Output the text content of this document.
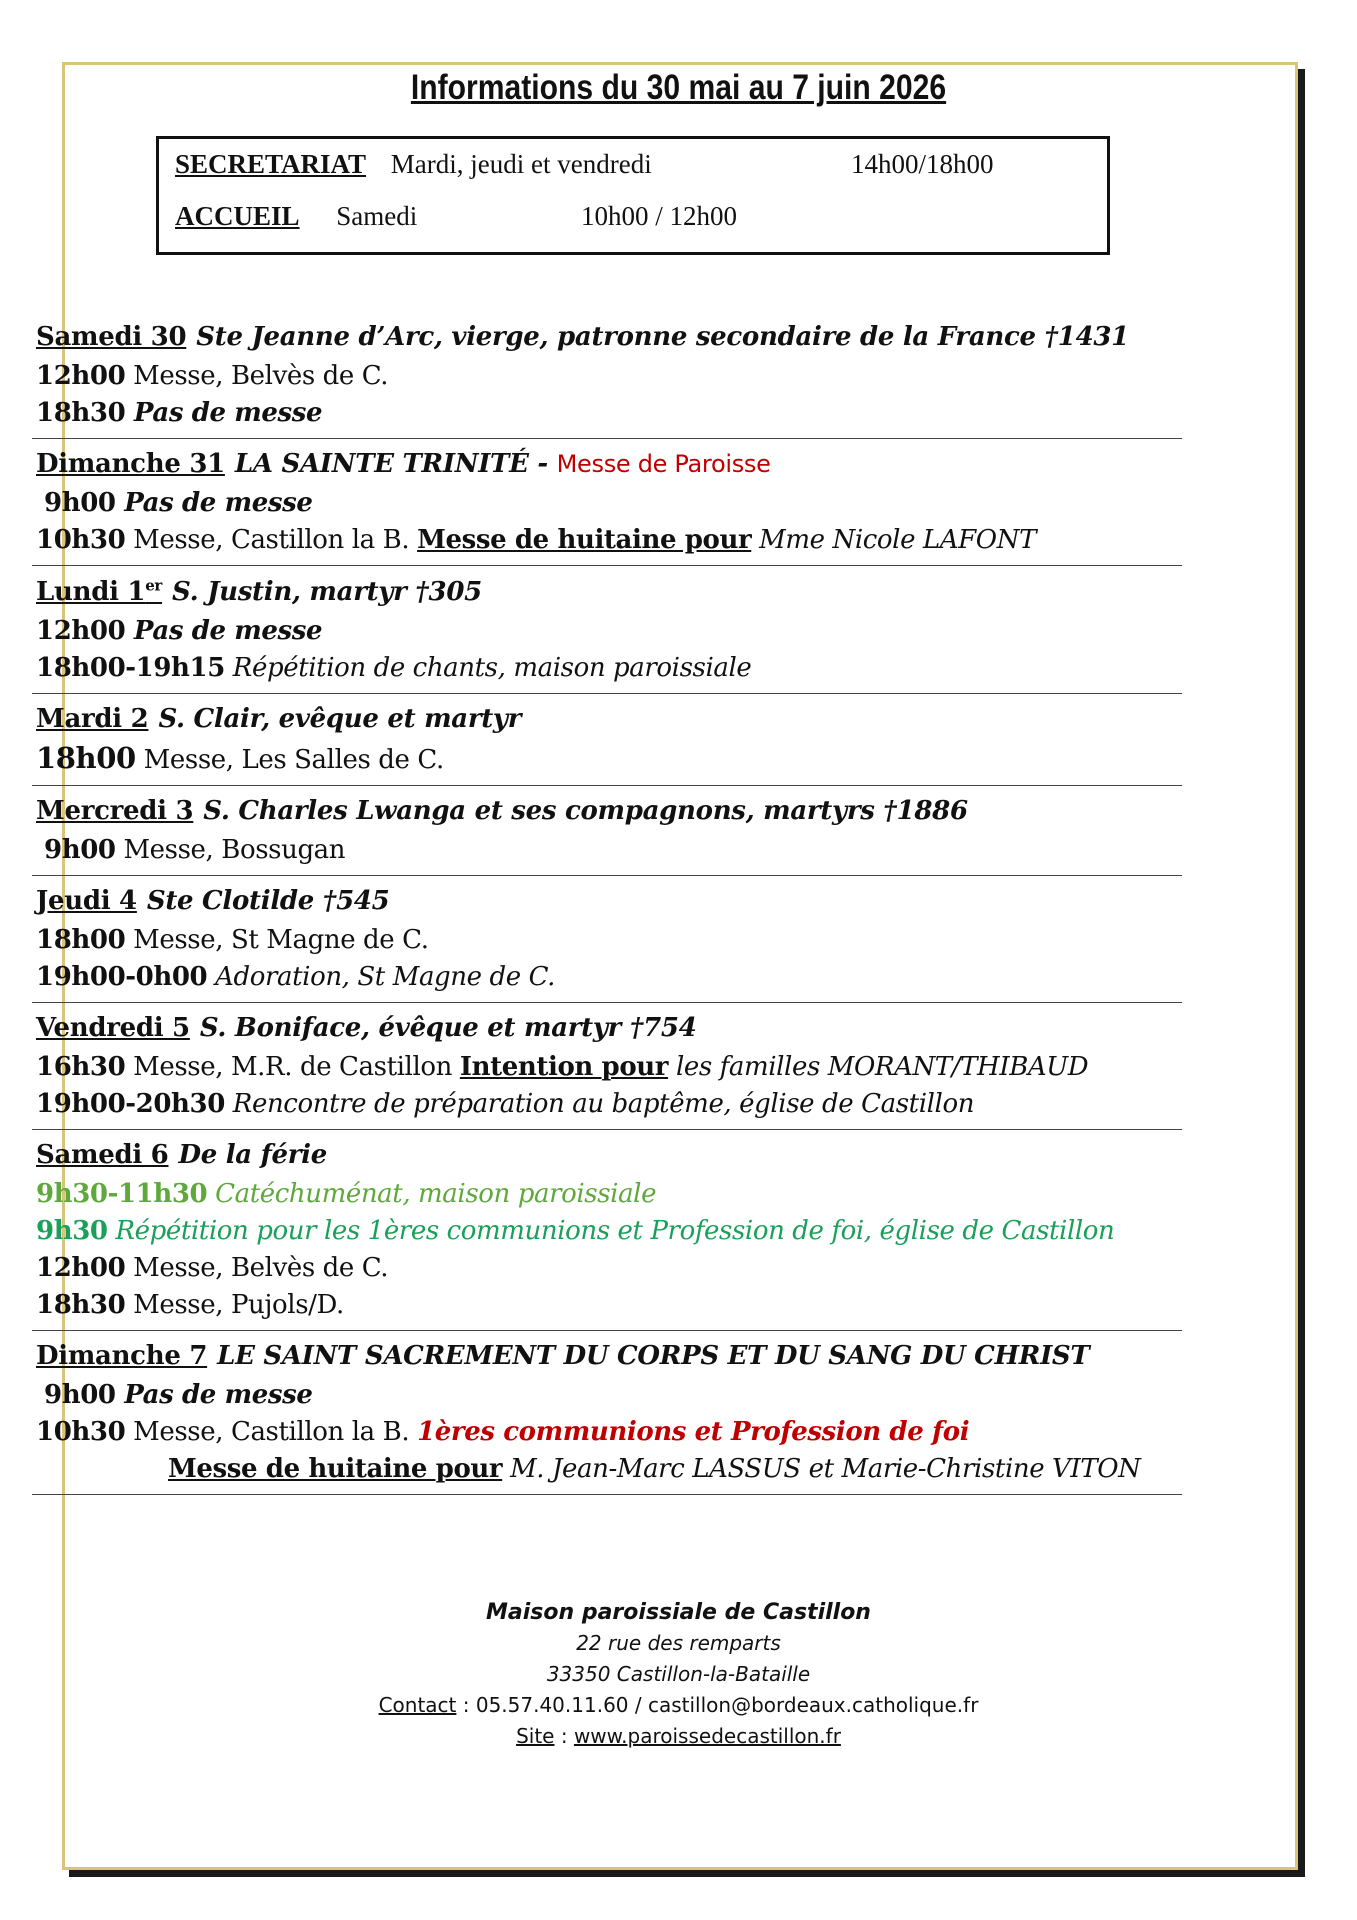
Informations du 30 mai au 7 juin 2026
SECRETARIAT Mardi, jeudi et vendredi	14h00/18h00
ACCUEIL Samedi	10h00 / 12h00
Samedi 30 Ste Jeanne d’Arc, vierge, patronne secondaire de la France †1431
12h00 Messe, Belvès de C.
18h30 Pas de messe
Dimanche 31 LA SAINTE TRINITÉ - Messe de Paroisse
9h00 Pas de messe
10h30 Messe, Castillon la B. Messe de huitaine pour Mme Nicole LAFONT
Lundi 1er S. Justin, martyr †305
12h00 Pas de messe
18h00-19h15 Répétition de chants, maison paroissiale
Mardi 2 S. Clair, evêque et martyr
18h00 Messe, Les Salles de C.
Mercredi 3 S. Charles Lwanga et ses compagnons, martyrs †1886
9h00 Messe, Bossugan
Jeudi 4 Ste Clotilde †545
18h00 Messe, St Magne de C.
19h00-0h00 Adoration, St Magne de C.
Vendredi 5 S. Boniface, évêque et martyr †754
16h30 Messe, M.R. de Castillon Intention pour les familles MORANT/THIBAUD
19h00-20h30 Rencontre de préparation au baptême, église de Castillon
Samedi 6 De la férie
9h30-11h30 Catéchuménat, maison paroissiale
9h30 Répétition pour les 1ères communions et Profession de foi, église de Castillon
12h00 Messe, Belvès de C.
18h30 Messe, Pujols/D.
Dimanche 7 LE SAINT SACREMENT DU CORPS ET DU SANG DU CHRIST
9h00 Pas de messe
10h30 Messe, Castillon la B. 1ères communions et Profession de foi
Messe de huitaine pour M. Jean-Marc LASSUS et Marie-Christine VITON
Maison paroissiale de Castillon
22 rue des remparts
33350 Castillon-la-Bataille
Contact : 05.57.40.11.60 / castillon@bordeaux.catholique.fr
Site : www.paroissedecastillon.fr
